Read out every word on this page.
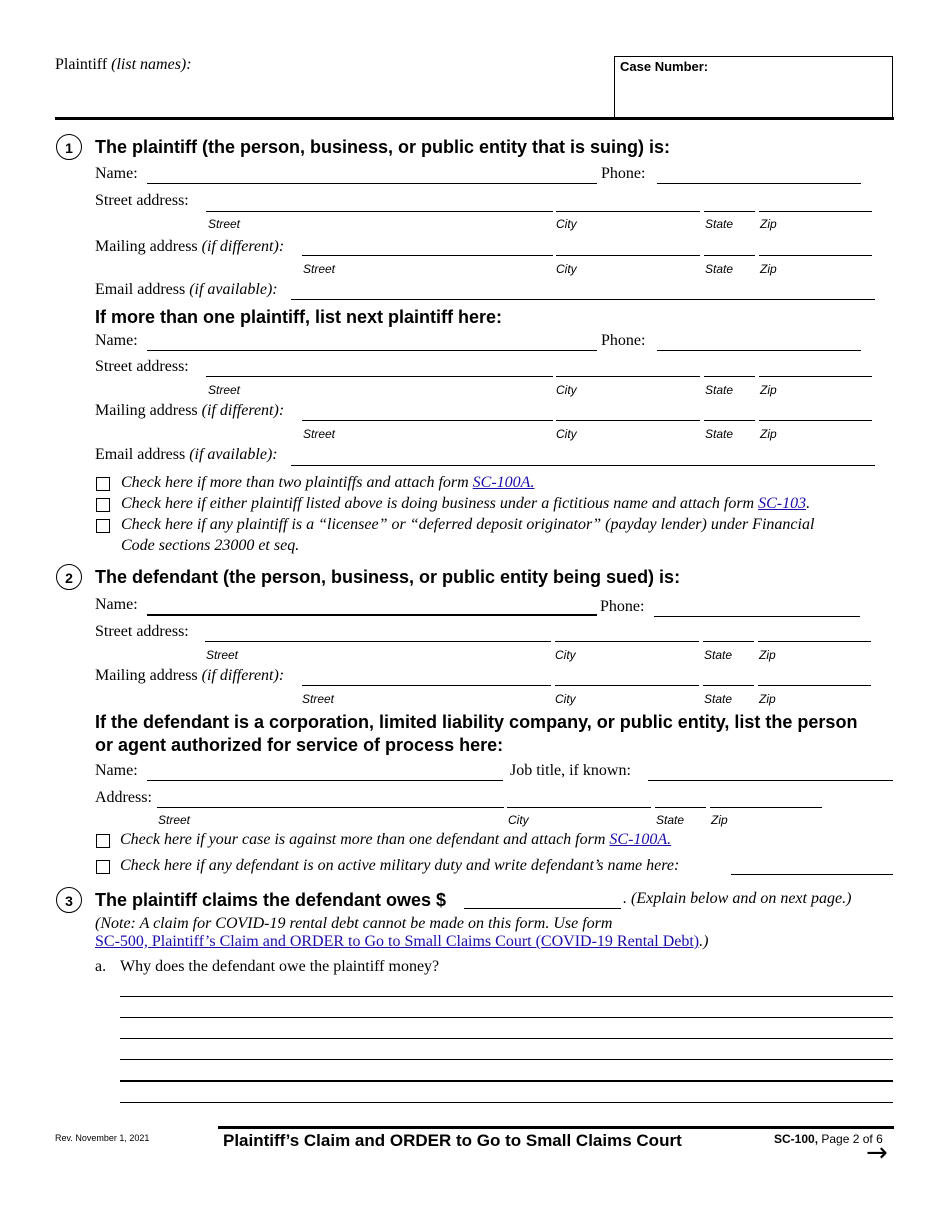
Plaintiff (list names):	Case Number:
1	The plaintiff (the person, business, or public entity that is suing) is:
Name:	Phone:
Street address:
Street	City	State Zip
Mailing address (if different):
Street	City	State Zip
Email address (if available):
If more than one plaintiff, list next plaintiff here:
Name:	Phone:
Street address:
Street	City	State Zip
Mailing address (if different):
Street	City	State Zip
Email address (if available):
Check here if more than two plaintiffs and attach form SC-100A.
Check here if either plaintiff listed above is doing business under a fictitious name and attach form SC-103.
Check here if any plaintiff is a “licensee” or “deferred deposit originator” (payday lender) under Financial
Code sections 23000 et seq.
2	The defendant (the person, business, or public entity being sued) is:
Name:	Phone:
Street address:
Street	City	State Zip
Mailing address (if different):
Street	City	State Zip
If the defendant is a corporation, limited liability company, or public entity, list the person
or agent authorized for service of process here:
Name:	Job title, if known:
Address:
Street	City	State Zip
Check here if your case is against more than one defendant and attach form SC-100A.
Check here if any defendant is on active military duty and write defendant’s name here:
3	The plaintiff claims the defendant owes $	. (Explain below and on next page.)
(Note: A claim for COVID-19 rental debt cannot be made on this form. Use form
SC-500, Plaintiff’s Claim and ORDER to Go to Small Claims Court (COVID-19 Rental Debt).)
a. Why does the defendant owe the plaintiff money?
Rev. November 1, 2021	Plaintiff’s Claim and ORDER to Go to Small Claims Court	SC-100, Page 2 of 6
→
